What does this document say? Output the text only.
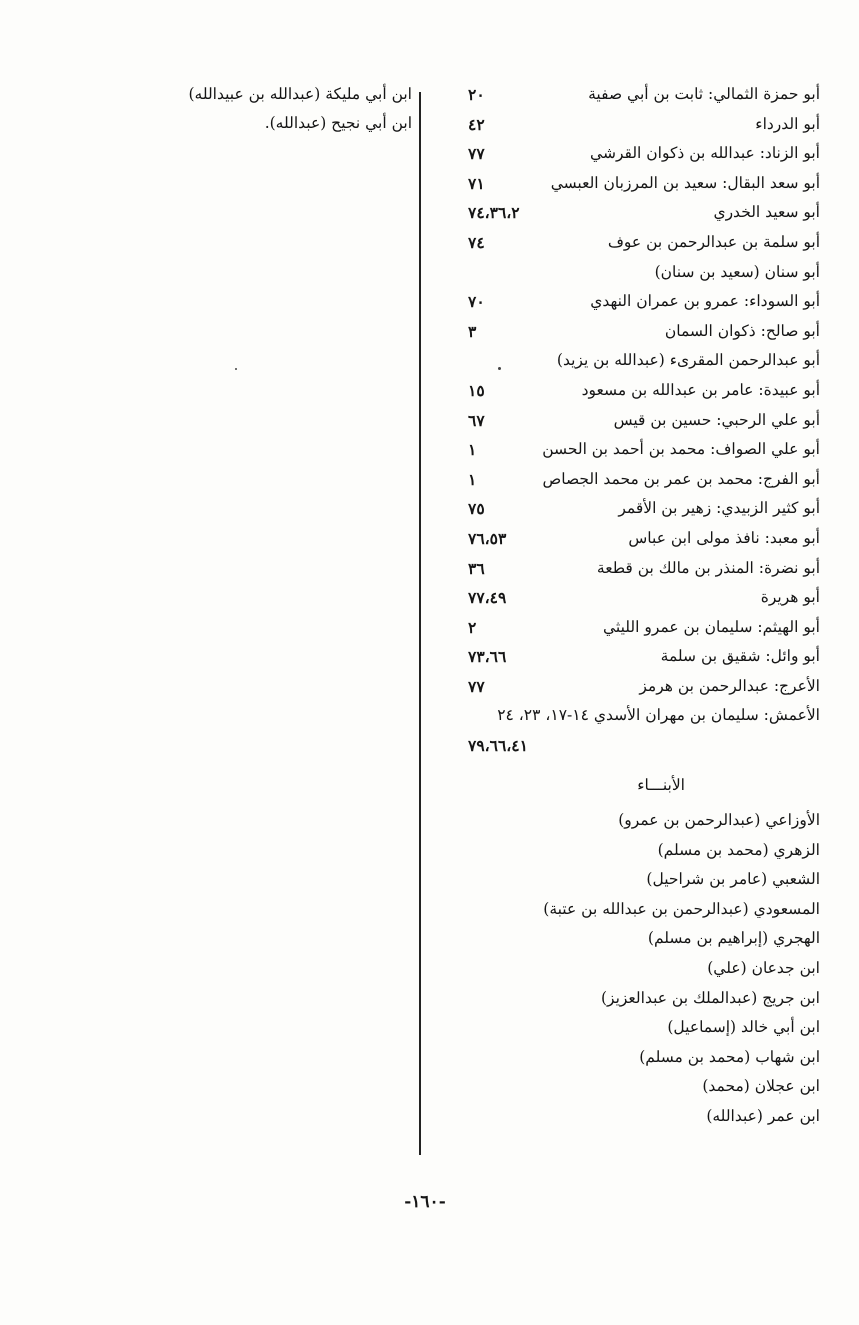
ابن أبي مليكة (عبدالله بن عبيدالله)
ابن أبي نجيح (عبدالله).
أبو حمزة الثمالي: ثابت بن أبي صفية
٢٠
أبو الدرداء
٤٢
أبو الزناد: عبدالله بن ذكوان القرشي
٧٧
أبو سعد البقال: سعيد بن المرزبان العبسي
٧١
أبو سعيد الخدري
٧٤،٣٦،٢
أبو سلمة بن عبدالرحمن بن عوف
٧٤
أبو سنان (سعيد بن سنان)
أبو السوداء: عمرو بن عمران النهدي
٧٠
أبو صالح: ذكوان السمان
٣
أبو عبدالرحمن المقرىء (عبدالله بن يزيد)
أبو عبيدة: عامر بن عبدالله بن مسعود
١٥
أبو علي الرحبي: حسين بن قيس
٦٧
أبو علي الصواف: محمد بن أحمد بن الحسن
١
أبو الفرج: محمد بن عمر بن محمد الجصاص
١
أبو كثير الزبيدي: زهير بن الأقمر
٧٥
أبو معبد: نافذ مولى ابن عباس
٧٦،٥٣
أبو نضرة: المنذر بن مالك بن قطعة
٣٦
أبو هريرة
٧٧،٤٩
أبو الهيثم: سليمان بن عمرو الليثي
٢
أبو وائل: شقيق بن سلمة
٧٣،٦٦
الأعرج: عبدالرحمن بن هرمز
٧٧
الأعمش: سليمان بن مهران الأسدي ١٤-١٧، ٢٣، ٢٤
٧٩،٦٦،٤١
الأبنـــاء
الأوزاعي (عبدالرحمن بن عمرو)
الزهري (محمد بن مسلم)
الشعبي (عامر بن شراحيل)
المسعودي (عبدالرحمن بن عبدالله بن عتبة)
الهجري (إبراهيم بن مسلم)
ابن جدعان (علي)
ابن جريج (عبدالملك بن عبدالعزيز)
ابن أبي خالد (إسماعيل)
ابن شهاب (محمد بن مسلم)
ابن عجلان (محمد)
ابن عمر (عبدالله)
-١٦٠-
